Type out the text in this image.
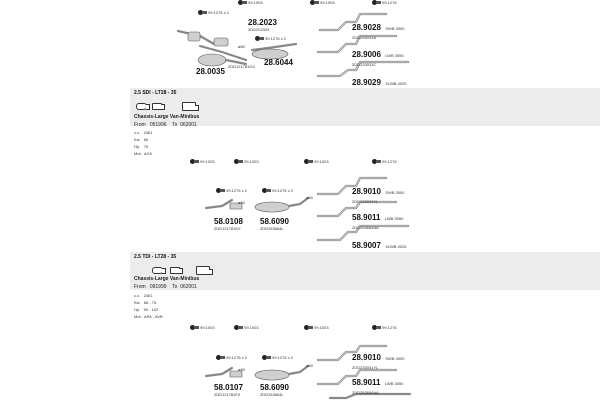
99.1276 x 2
99.1003	99.1003	99.1276
28.2023
2DD202329
99.1276 x 2
ø60
28.6044
2DD121781GX
28.0035
28.9028 SWB 3000
2DD233031A
28.9006 LWB 3550
2DD233031C
28.9029 XLWB 4025
2.5 SDI - LT28 - 35
Chassis-Large Van-Minibus
From 051996 To 062001
c.c. 2461
Kw. 66
Hp. 75
Mot. AGX
99.1003	99.1003	99.1003	99.1276
99.1276 x 2	99.1276 x 2
ø60
ø60
58.0108
2DD121781EX
58.6090
2DD253664L
28.9010 SWB 3000
2DD233031YL
58.9011 LWB 3550
2DD253664AA
58.9007 XLWB 4025
2.5 TDI - LT28 - 35
Chassis-Large Van-Minibus
From 091999 To 062001
c.c. 2461
Kw. 66 - 75
Hp. 90 - 102
Mot. APA - AVR
99.1003	99.1003	99.1003	99.1276
99.1276 x 2	99.1276 x 2
ø60
ø60
58.0107
2DD121781FX
58.6090
2DD253664L
28.9010 SWB 3000
2DD233031YL
58.9011 LWB 3550
2DD253664AA
